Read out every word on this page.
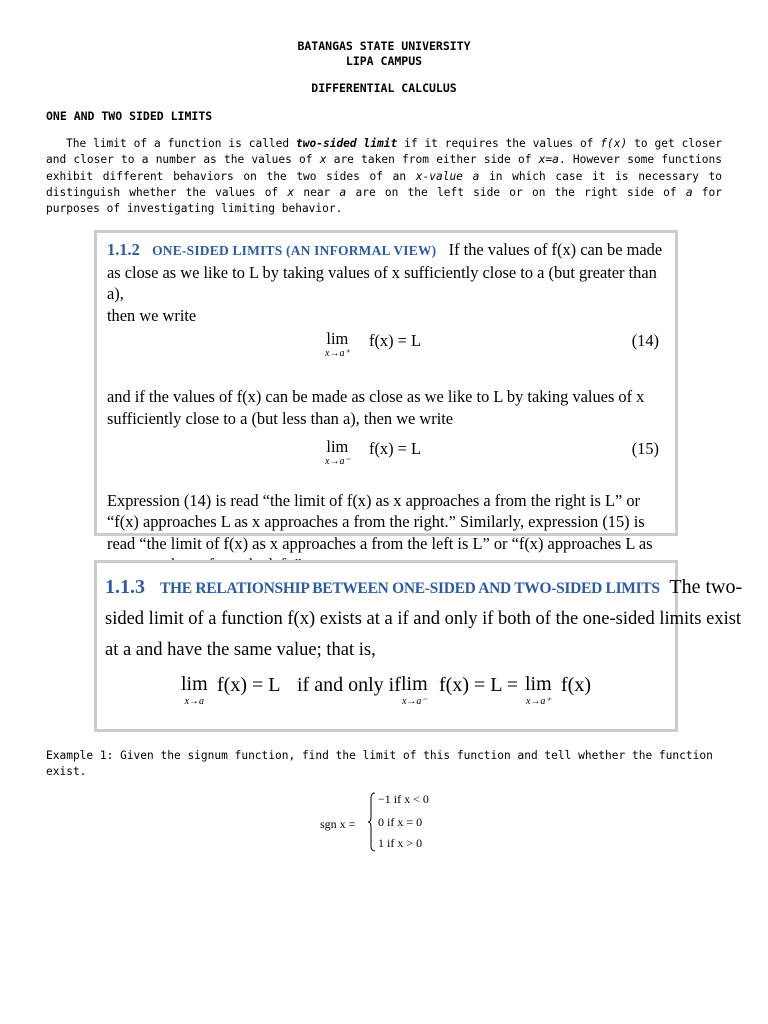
BATANGAS STATE UNIVERSITY
LIPA CAMPUS
DIFFERENTIAL CALCULUS
ONE AND TWO SIDED LIMITS
The limit of a function is called two-sided limit if it requires the values of f(x) to get closer and closer to a number as the values of x are taken from either side of x=a. However some functions exhibit different behaviors on the two sides of an x-value a in which case it is necessary to distinguish whether the values of x near a are on the left side or on the right side of a for purposes of investigating limiting behavior.
1.1.2 ONE-SIDED LIMITS (AN INFORMAL VIEW) If the values of f(x) can be made
as close as we like to L by taking values of x sufficiently close to a (but greater than a),
then we write
lim
x→a⁺
f(x) = L	(14)
and if the values of f(x) can be made as close as we like to L by taking values of x
sufficiently close to a (but less than a), then we write
lim
x→a⁻
f(x) = L	(15)
Expression (14) is read “the limit of f(x) as x approaches a from the right is L” or
“f(x) approaches L as x approaches a from the right.” Similarly, expression (15) is
read “the limit of f(x) as x approaches a from the left is L” or “f(x) approaches L as
1.1.3 THE RELATIONSHIP BETWEEN ONE-SIDED AND TWO-SIDED LIMITS The two-
sided limit of a function f(x) exists at a if and only if both of the one-sided limits exist
at a and have the same value; that is,
lim
x→a
f(x) = L if and only if lim
x→a⁻
f(x) = L = lim
x→a⁺
f(x)
Example 1: Given the signum function, find the limit of this function and tell whether the function exist.
sgn x =
−1 if x < 0
0 if x = 0
1 if x > 0
